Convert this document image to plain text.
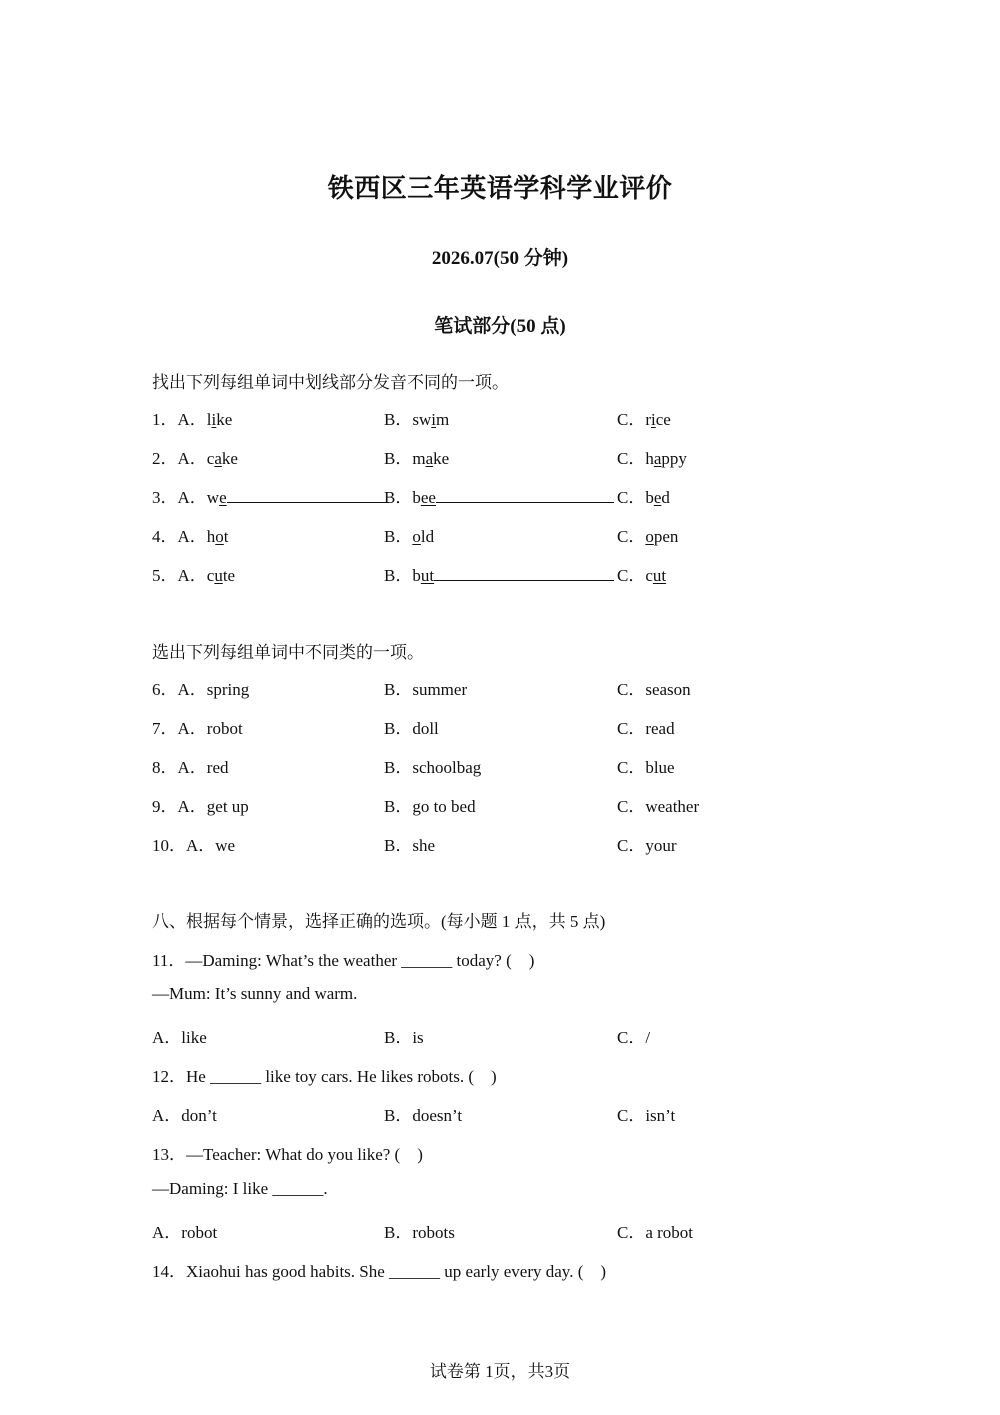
铁西区三年英语学科学业评价
2026.07(50 分钟)
笔试部分(50 点)
找出下列每组单词中划线部分发音不同的一项。
1．A．like	B．swim	C．rice
2．A．cake	B．make	C．happy
3．A．we	B．bee	C．bed
4．A．hot	B．old	C．open
5．A．cute	B．but	C．cut
选出下列每组单词中不同类的一项。
6．A．spring	B．summer	C．season
7．A．robot	B．doll	C．read
8．A．red	B．schoolbag	C．blue
9．A．get up	B．go to bed	C．weather
10．A．we	B．she	C．your
八、根据每个情景，选择正确的选项。(每小题 1 点，共 5 点)
11．—Daming: What’s the weather ______ today? (　)
—Mum: It’s sunny and warm.
A．like	B．is	C．/
12．He ______ like toy cars. He likes robots. (　)
A．don’t	B．doesn’t	C．isn’t
13．—Teacher: What do you like? (　)
—Daming: I like ______.
A．robot	B．robots	C．a robot
14．Xiaohui has good habits. She ______ up early every day. (　)
试卷第 1页，共3页
